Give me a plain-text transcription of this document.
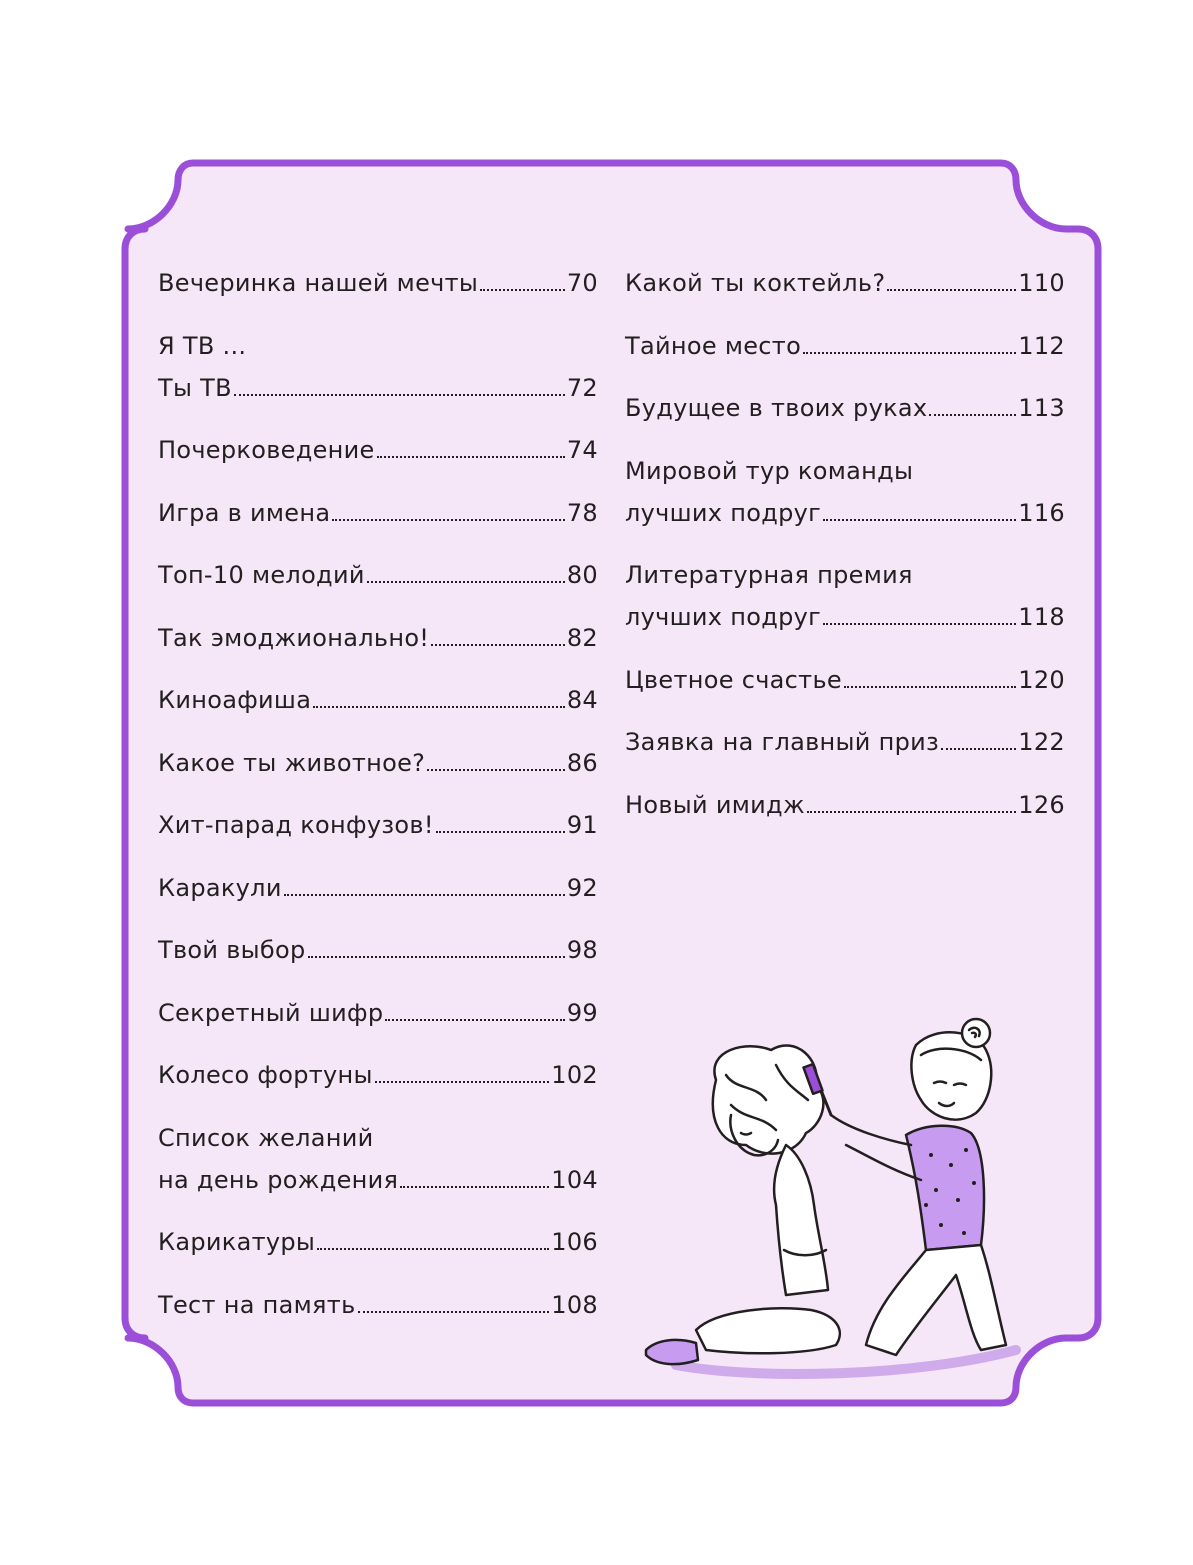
Вечеринка нашей мечты	70
Я ТВ ...
Ты ТВ	72
Почерковедение	74
Игра в имена	78
Топ-10 мелодий	80
Так эмоджионально!	82
Киноафиша	84
Какое ты животное?	86
Хит-парад конфузов!	91
Каракули	92
Твой выбор	98
Секретный шифр	99
Колесо фортуны	102
Список желаний
на день рождения	104
Карикатуры	106
Тест на память	108
Какой ты коктейль?	110
Тайное место	112
Будущее в твоих руках	113
Мировой тур команды
лучших подруг	116
Литературная премия
лучших подруг	118
Цветное счастье	120
Заявка на главный приз	122
Новый имидж	126
